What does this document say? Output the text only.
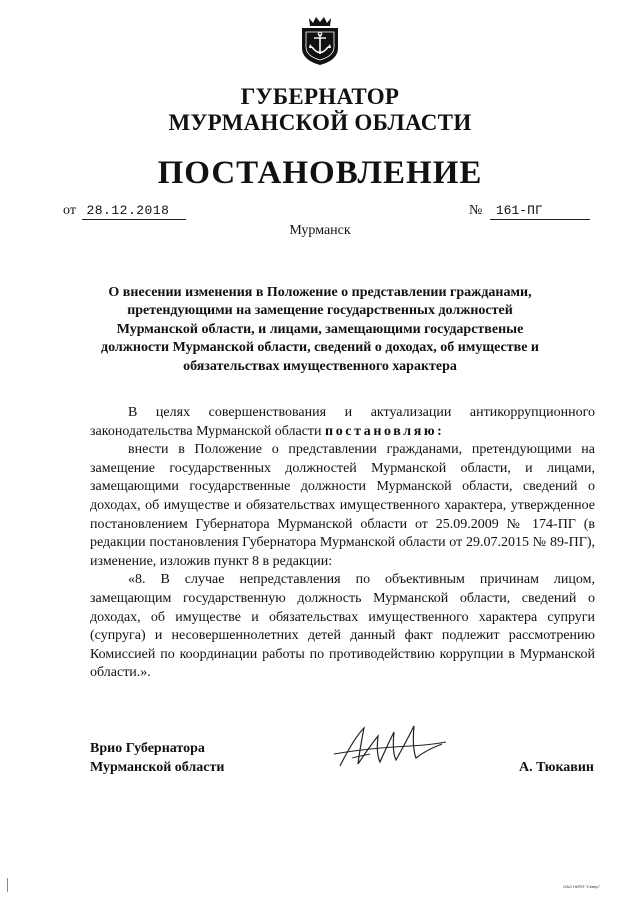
ГУБЕРНАТОР
МУРМАНСКОЙ ОБЛАСТИ
ПОСТАНОВЛЕНИЕ
от 28.12.2018	№ 161-ПГ
Мурманск
О внесении изменения в Положение о представлении гражданами,
претендующими на замещение государственных должностей
Мурманской области, и лицами, замещающими государственые
должности Мурманской области, сведений о доходах, об имуществе и
обязательствах имущественного характера

В целях совершенствования и актуализации антикоррупционного законодательства Мурманской области постановляю:

внести в Положение о представлении гражданами, претендующими на замещение государственных должностей Мурманской области, и лицами, замещающими государственные должности Мурманской области, сведений о доходах, об имуществе и обязательствах имущественного характера, утвержденное постановлением Губернатора Мурманской области от 25.09.2009 № 174-ПГ (в редакции постановления Губернатора Мурманской области от 29.07.2015 № 89-ПГ), изменение, изложив пункт 8 в редакции:

«8. В случае непредставления по объективным причинам лицом, замещающим государственную должность Мурманской области, сведений о доходах, об имуществе и обязательствах имущественного характера супруги (супруга) и несовершеннолетних детей данный факт подлежит рассмотрению Комиссией по координации работы по противодействию коррупции в Мурманской области.».

Врио Губернатора
Мурманской области	А. Тюкавин
ОАО НИПП "Север"
